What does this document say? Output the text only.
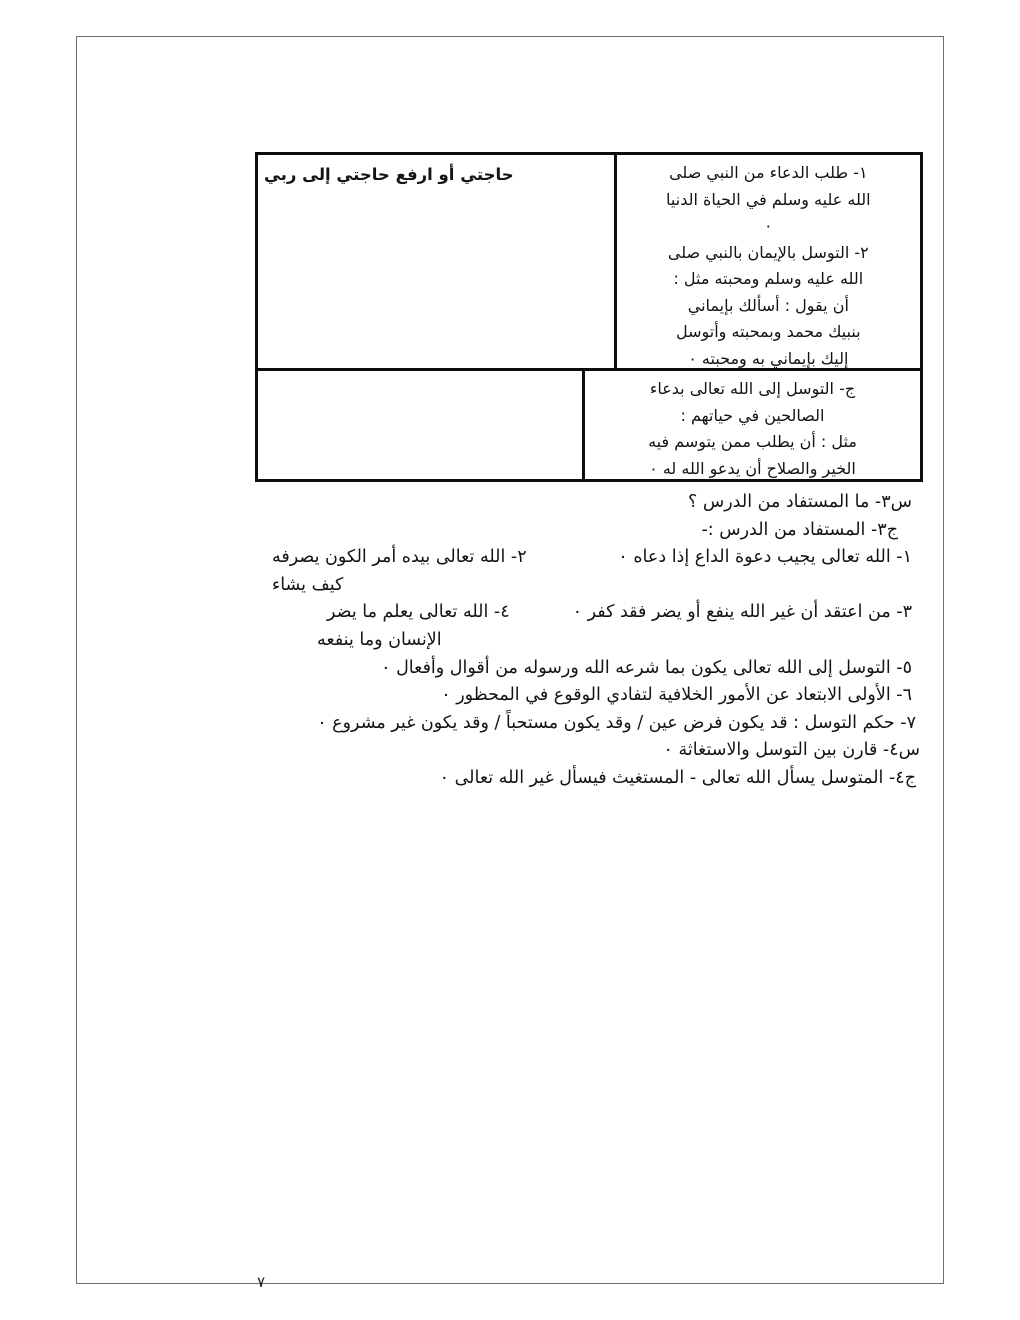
١- طلب الدعاء من النبي صلى
الله عليه وسلم في الحياة الدنيا
٠
٢- التوسل بالإيمان بالنبي صلى
الله عليه وسلم ومحبته مثل :
أن يقول : أسألك بإيماني
بنبيك محمد وبمحبته وأتوسل
إليك بإيماني به ومحبته ٠
حاجتي أو ارفع حاجتي إلى ربي
ج- التوسل إلى الله تعالى بدعاء
الصالحين في حياتهم :
مثل : أن يطلب ممن يتوسم فيه
الخير والصلاح أن يدعو الله له ٠
س٣- ما المستفاد من الدرس ؟
ج٣- المستفاد من الدرس :-
١- الله تعالى يجيب دعوة الداع إذا دعاه ٠
٢- الله تعالى بيده أمر الكون يصرفه
كيف يشاء
٣- من اعتقد أن غير الله ينفع أو يضر فقد كفر ٠
٤- الله تعالى يعلم ما يضر
الإنسان وما ينفعه
٥- التوسل إلى الله تعالى يكون بما شرعه الله ورسوله من أقوال وأفعال ٠
٦- الأولى الابتعاد عن الأمور الخلافية لتفادي الوقوع في المحظور ٠
٧- حكم التوسل : قد يكون فرض عين / وقد يكون مستحباً / وقد يكون غير مشروع ٠
س٤- قارن بين التوسل والاستغاثة ٠
ج٤- المتوسل يسأل الله تعالى - المستغيث فيسأل غير الله تعالى ٠
٧
